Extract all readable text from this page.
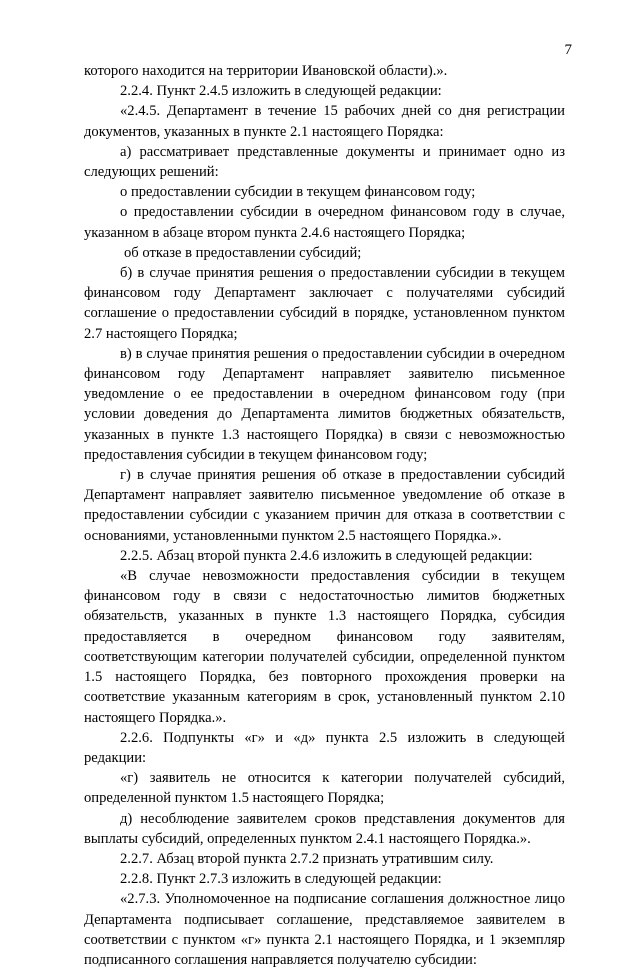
7

которого находится на территории Ивановской области).».

2.2.4. Пункт 2.4.5 изложить в следующей редакции:

«2.4.5. Департамент в течение 15 рабочих дней со дня регистрации документов, указанных в пункте 2.1 настоящего Порядка:

а) рассматривает представленные документы и принимает одно из следующих решений:

о предоставлении субсидии в текущем финансовом году;

о предоставлении субсидии в очередном финансовом году в случае, указанном в абзаце втором пункта 2.4.6 настоящего Порядка;

об отказе в предоставлении субсидий;

б) в случае принятия решения о предоставлении субсидии в текущем финансовом году Департамент заключает с получателями субсидий соглашение о предоставлении субсидий в порядке, установленном пунктом 2.7 настоящего Порядка;

в) в случае принятия решения о предоставлении субсидии в очередном финансовом году Департамент направляет заявителю письменное уведомление о ее предоставлении в очередном финансовом году (при условии доведения до Департамента лимитов бюджетных обязательств, указанных в пункте 1.3 настоящего Порядка) в связи с невозможностью предоставления субсидии в текущем финансовом году;

г) в случае принятия решения об отказе в предоставлении субсидий Департамент направляет заявителю письменное уведомление об отказе в предоставлении субсидии с указанием причин для отказа в соответствии с основаниями, установленными пунктом 2.5 настоящего Порядка.».

2.2.5. Абзац второй пункта 2.4.6 изложить в следующей редакции:

«В случае невозможности предоставления субсидии в текущем финансовом году в связи с недостаточностью лимитов бюджетных обязательств, указанных в пункте 1.3 настоящего Порядка, субсидия предоставляется в очередном финансовом году заявителям, соответствующим категории получателей субсидии, определенной пунктом 1.5 настоящего Порядка, без повторного прохождения проверки на соответствие указанным категориям в срок, установленный пунктом 2.10 настоящего Порядка.».

2.2.6. Подпункты «г» и «д» пункта 2.5 изложить в следующей редакции:

«г) заявитель не относится к категории получателей субсидий, определенной пунктом 1.5 настоящего Порядка;

д) несоблюдение заявителем сроков представления документов для выплаты субсидий, определенных пунктом 2.4.1 настоящего Порядка.».

2.2.7. Абзац второй пункта 2.7.2 признать утратившим силу.

2.2.8. Пункт 2.7.3 изложить в следующей редакции:

«2.7.3. Уполномоченное на подписание соглашения должностное лицо Департамента подписывает соглашение, представляемое заявителем в соответствии с пунктом «г» пункта 2.1 настоящего Порядка, и 1 экземпляр подписанного соглашения направляется получателю субсидии:
